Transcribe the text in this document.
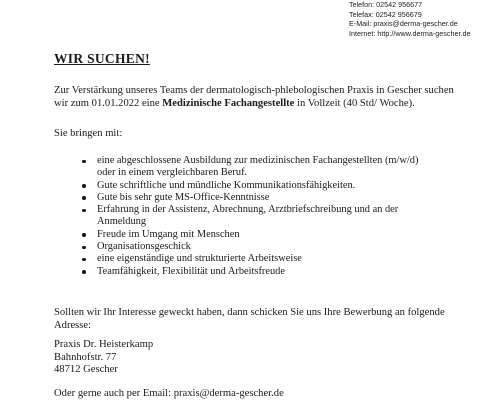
Telefon: 02542 956677
Telefax: 02542 956679
E-Mail: praxis@derma-gescher.de
Internet: http://www.derma-gescher.de
WIR SUCHEN!
Zur Verstärkung unseres Teams der dermatologisch-phlebologischen Praxis in Gescher suchen wir zum 01.01.2022 eine Medizinische Fachangestellte in Vollzeit (40 Std/ Woche).
Sie bringen mit:
eine abgeschlossene Ausbildung zur medizinischen Fachangestellten (m/w/d) oder in einem vergleichbaren Beruf.
Gute schriftliche und mündliche Kommunikationsfähigkeiten.
Gute bis sehr gute MS-Office-Kenntnisse
Erfahrung in der Assistenz, Abrechnung, Arztbriefschreibung und an der Anmeldung
Freude im Umgang mit Menschen
Organisationsgeschick
eine eigenständige und strukturierte Arbeitsweise
Teamfähigkeit, Flexibilität und Arbeitsfreude
Sollten wir Ihr Interesse geweckt haben, dann schicken Sie uns Ihre Bewerbung an folgende Adresse:
Praxis Dr. Heisterkamp
Bahnhofstr. 77
48712 Gescher
Oder gerne auch per Email: praxis@derma-gescher.de
